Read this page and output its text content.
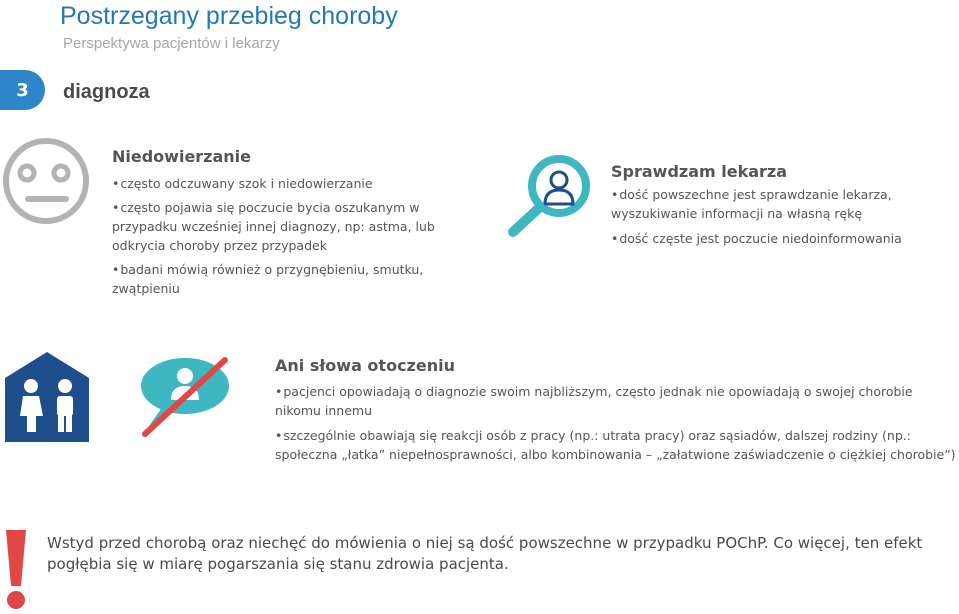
Postrzegany przebieg choroby
Perspektywa pacjentów i lekarzy
3	diagnoza
Niedowierzanie
• często odczuwany szok i niedowierzanie
• często pojawia się poczucie bycia oszukanym w przypadku wcześniej innej diagnozy, np: astma, lub odkrycia choroby przez przypadek
• badani mówią również o przygnębieniu, smutku, zwątpieniu
Sprawdzam lekarza
• dość powszechne jest sprawdzanie lekarza, wyszukiwanie informacji na własną rękę
• dość częste jest poczucie niedoinformowania
Ani słowa otoczeniu
• pacjenci opowiadają o diagnozie swoim najbliższym, często jednak nie opowiadają o swojej chorobie nikomu innemu
• szczególnie obawiają się reakcji osób z pracy (np.: utrata pracy) oraz sąsiadów, dalszej rodziny (np.: społeczna „łatka” niepełnosprawności, albo kombinowania – „załatwione zaświadczenie o ciężkiej chorobie”)
Wstyd przed chorobą oraz niechęć do mówienia o niej są dość powszechne w przypadku POChP. Co więcej, ten efekt pogłębia się w miarę pogarszania się stanu zdrowia pacjenta.
